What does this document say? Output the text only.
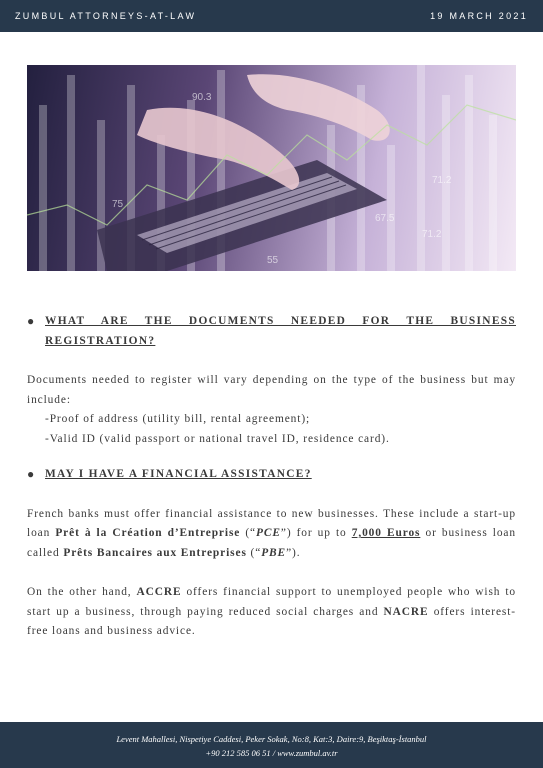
ZUMBUL ATTORNEYS-AT-LAW	19 MARCH 2021
90.3
75
55
71.2
67.5
71.2
● WHAT ARE THE DOCUMENTS NEEDED FOR THE BUSINESS
REGISTRATION?

Documents needed to register will vary depending on the type of the business but may include:

-Proof of address (utility bill, rental agreement);

-Valid ID (valid passport or national travel ID, residence card).

● MAY I HAVE A FINANCIAL ASSISTANCE?

French banks must offer financial assistance to new businesses. These include a start-up loan Prêt à la Création d’Entreprise (“PCE”) for up to 7,000 Euros or business loan called Prêts Bancaires aux Entreprises (“PBE”).

On the other hand, ACCRE offers financial support to unemployed people who wish to start up a business, through paying reduced social charges and NACRE offers interest-free loans and business advice.

Levent Mahallesi, Nispetiye Caddesi, Peker Sokak, No:8, Kat:3, Daire:9, Beşiktaş-İstanbul
+90 212 585 06 51 / www.zumbul.av.tr
